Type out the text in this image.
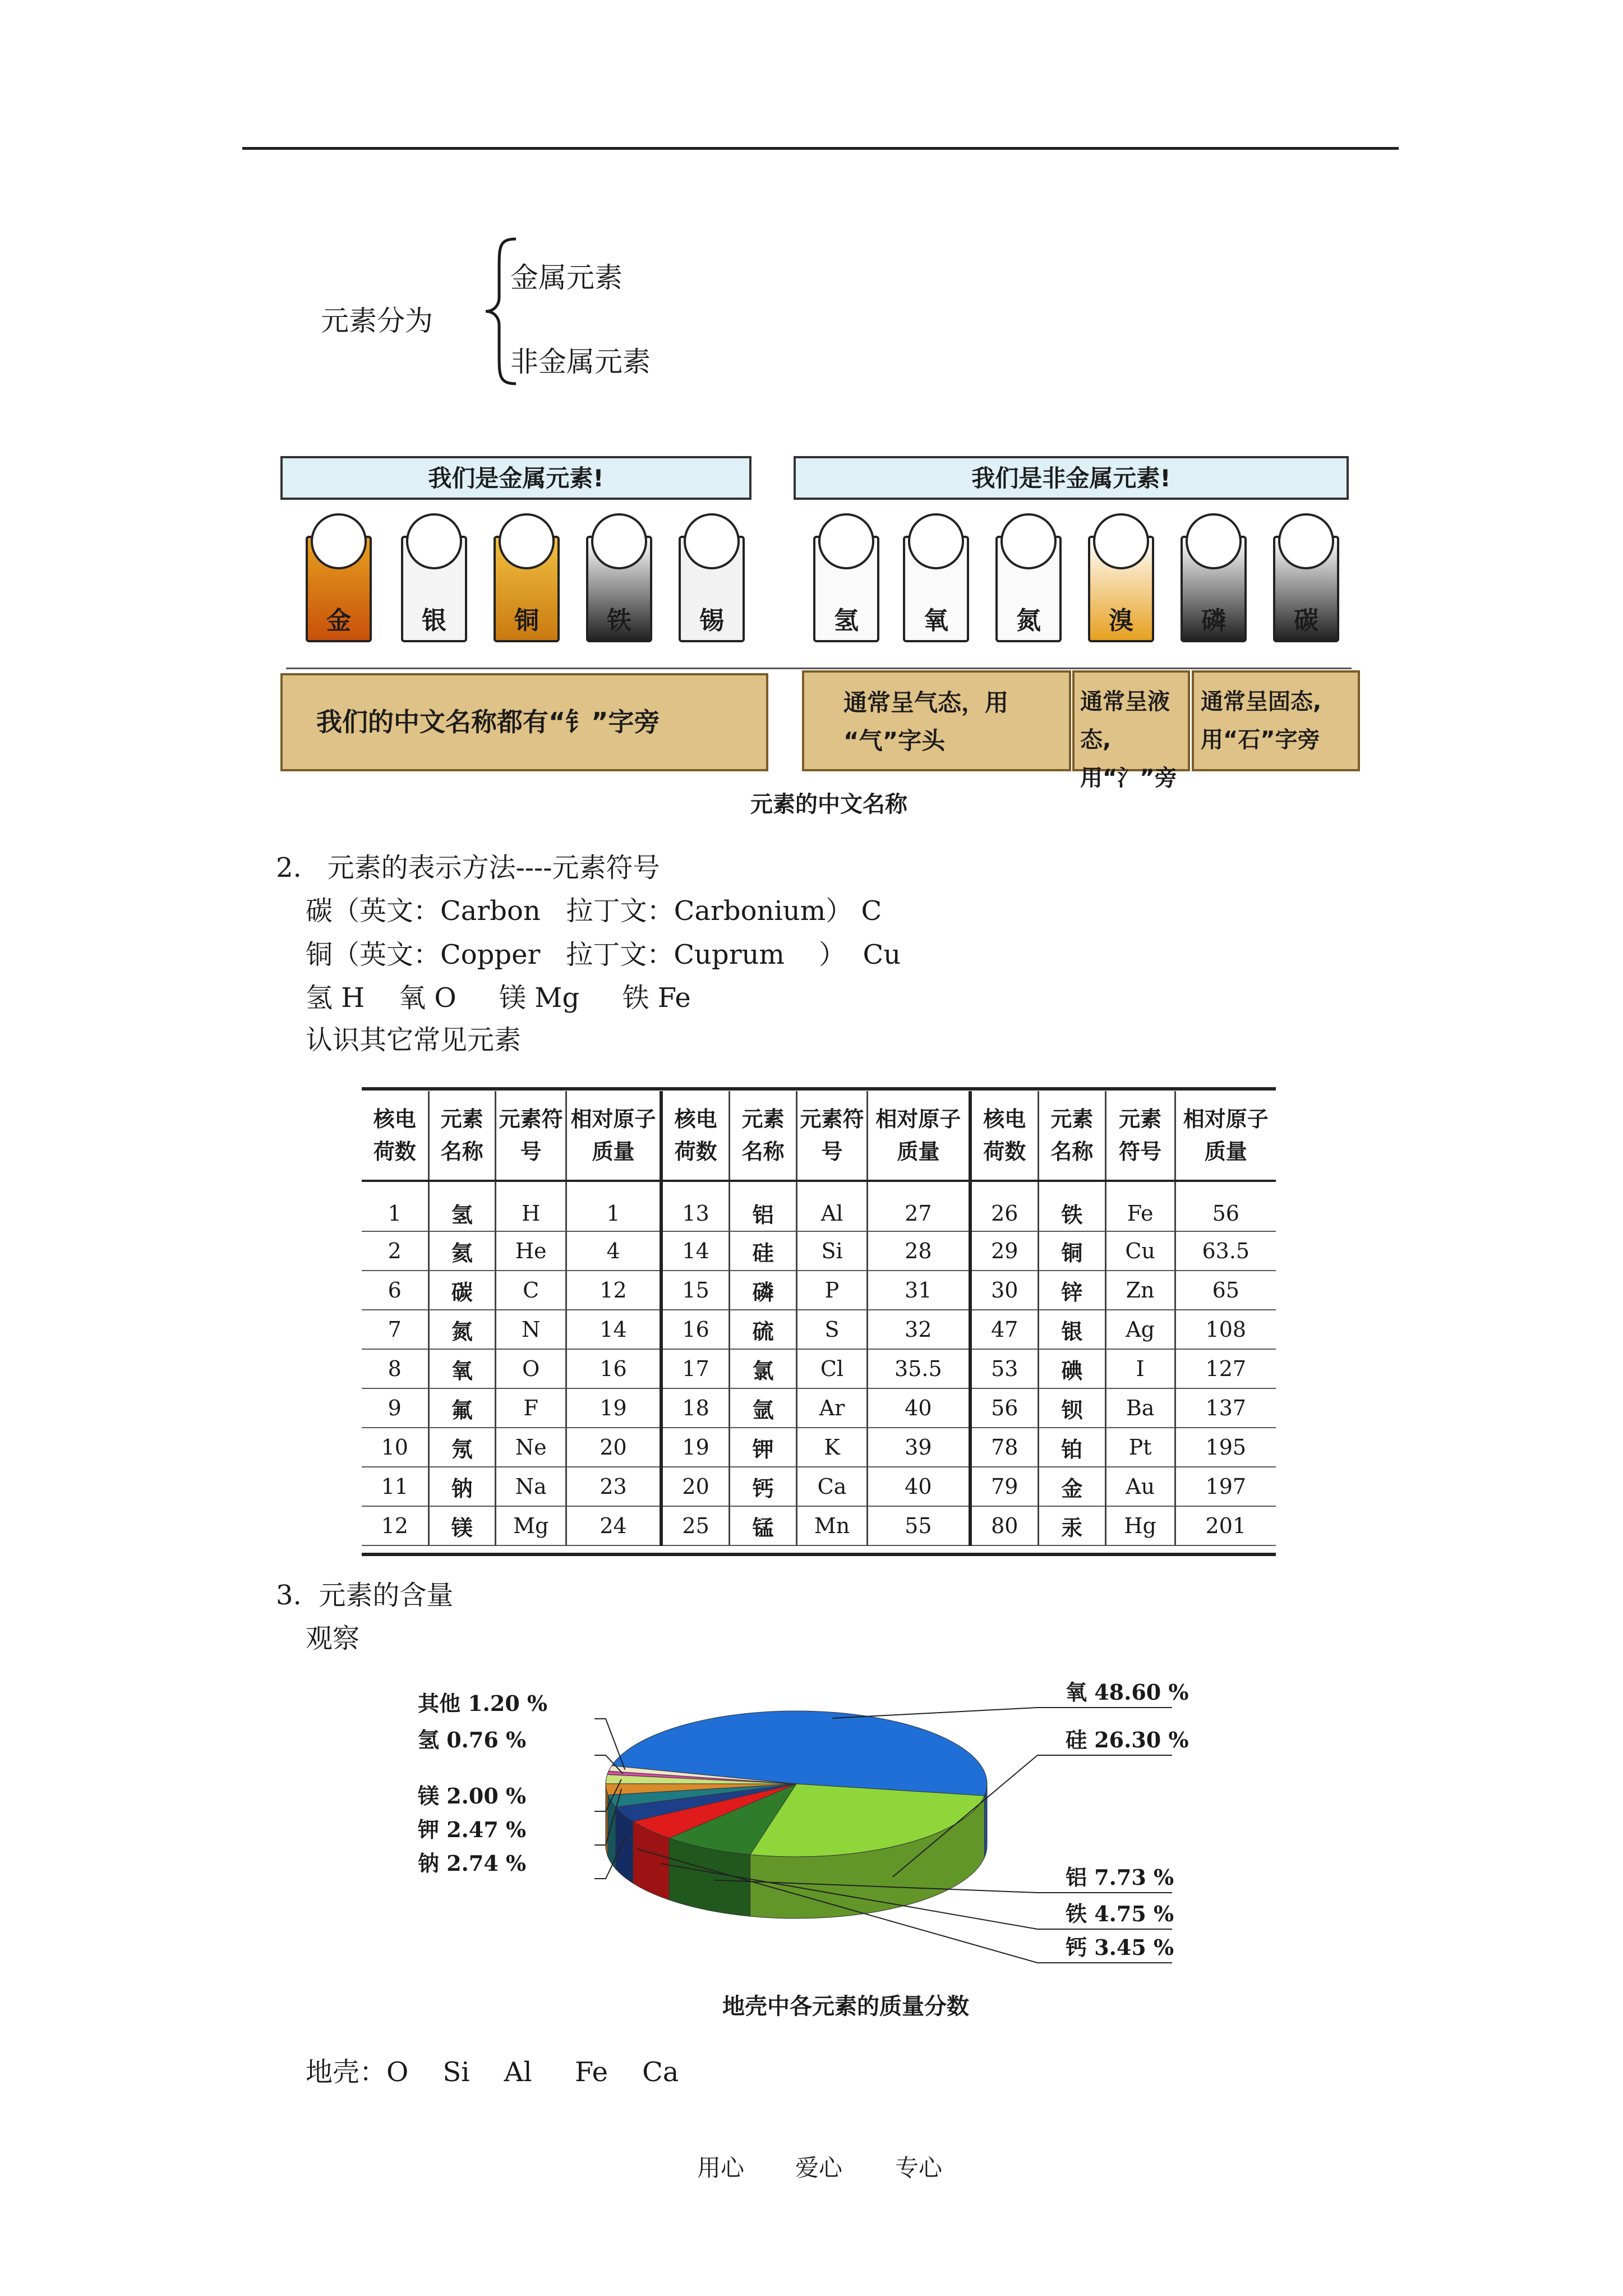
元素分为
金属元素
非金属元素
我们是金属元素!	我们是非金属元素!
金	银	铜	铁	锡	氢	氧	氮	溴	磷	碳
我们的中文名称都有“钅”字旁
通常呈气态，用
“气”字头
通常呈液
态,用“氵”旁
通常呈固态,
用“石”字旁
元素的中文名称
2.   元素的表示方法----元素符号
碳（英文：Carbon   拉丁文：Carbonium） C
铜（英文：Copper   拉丁文：Cuprum    ）  Cu
氢 H    氧 O     镁 Mg     铁 Fe
认识其它常见元素
核电荷数	元素名称	元素符号	相对原子质量	核电荷数	元素名称	元素符号	相对原子质量	核电荷数	元素名称	元素符号	相对原子质量
1	氢	H	1	13	铝	Al	27	26	铁	Fe	56
2	氦	He	4	14	硅	Si	28	29	铜	Cu	63.5
6	碳	C	12	15	磷	P	31	30	锌	Zn	65
7	氮	N	14	16	硫	S	32	47	银	Ag	108
8	氧	O	16	17	氯	Cl	35.5	53	碘	I	127
9	氟	F	19	18	氩	Ar	40	56	钡	Ba	137
10	氖	Ne	20	19	钾	K	39	78	铂	Pt	195
11	钠	Na	23	20	钙	Ca	40	79	金	Au	197
12	镁	Mg	24	25	锰	Mn	55	80	汞	Hg	201
3.  元素的含量
观察
氧 48.60 %
硅 26.30 %
铝 7.73 %
铁 4.75 %
钙 3.45 %
钠 2.74 %
钾 2.47 %
镁 2.00 %
氢 0.76 %
其他 1.20 %
地壳中各元素的质量分数
地壳：O    Si    Al     Fe    Ca
用心 爱心 专心
